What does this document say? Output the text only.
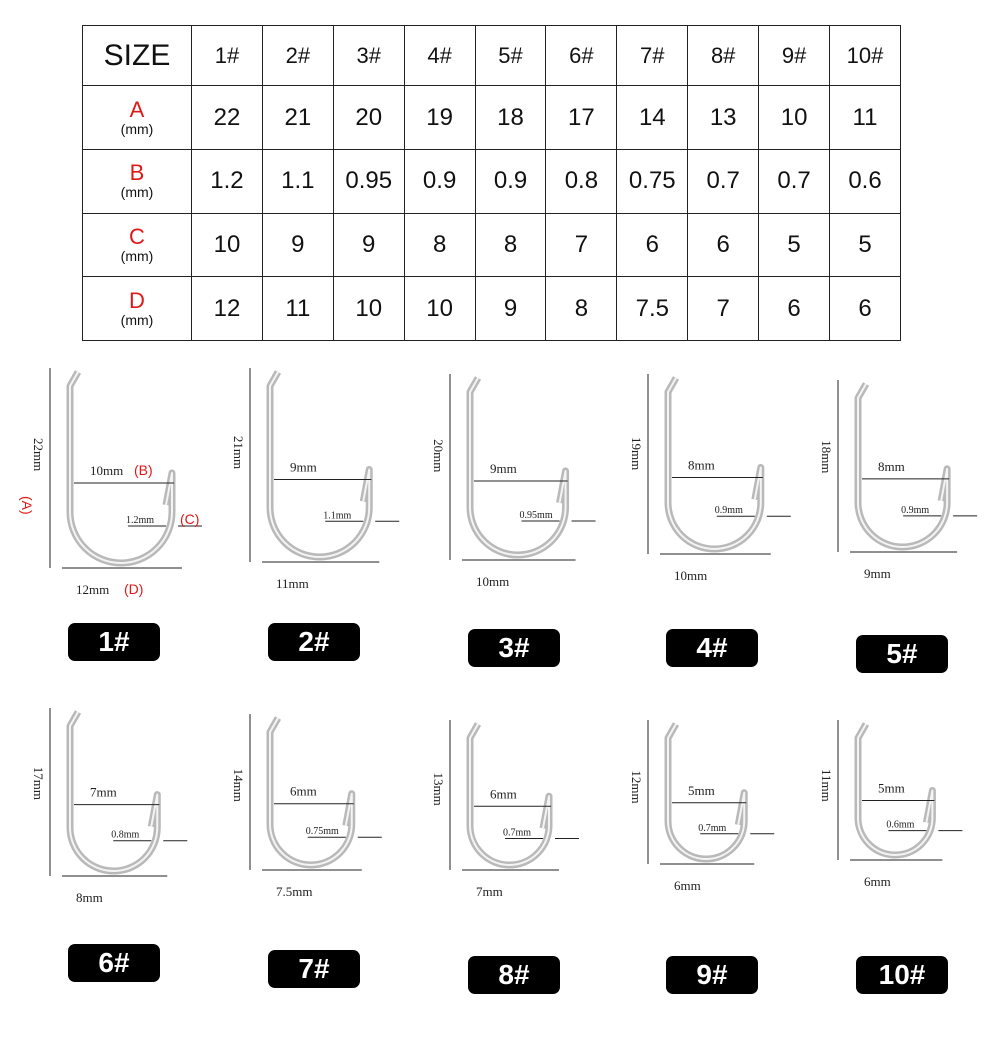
SIZE	1#	2#	3#	4#	5#	6#	7#	8#	9#	10#

A
(mm)	22	21	20	19	18	17	14	13	10	11

B
(mm)	1.2	1.1	0.95	0.9	0.9	0.8	0.75	0.7	0.7	0.6

C
(mm)	10	9	9	8	8	7	6	6	5	5

D
(mm)	12	11	10	10	9	8	7.5	7	6	6
22mm	10mm
1.2mm
12mm
(A)
(B)
(C)
(D)
1#
21mm	9mm
1.1mm
11mm
2#
20mm	9mm
0.95mm
10mm
3#
19mm	8mm
0.9mm
10mm
4#
18mm	8mm
0.9mm
9mm
5#
17mm	7mm
0.8mm
8mm
6#
14mm	6mm
0.75mm
7.5mm
7#
13mm	6mm
0.7mm
7mm
8#
12mm	5mm
0.7mm
6mm
9#
11mm	5mm
0.6mm
6mm
10#
